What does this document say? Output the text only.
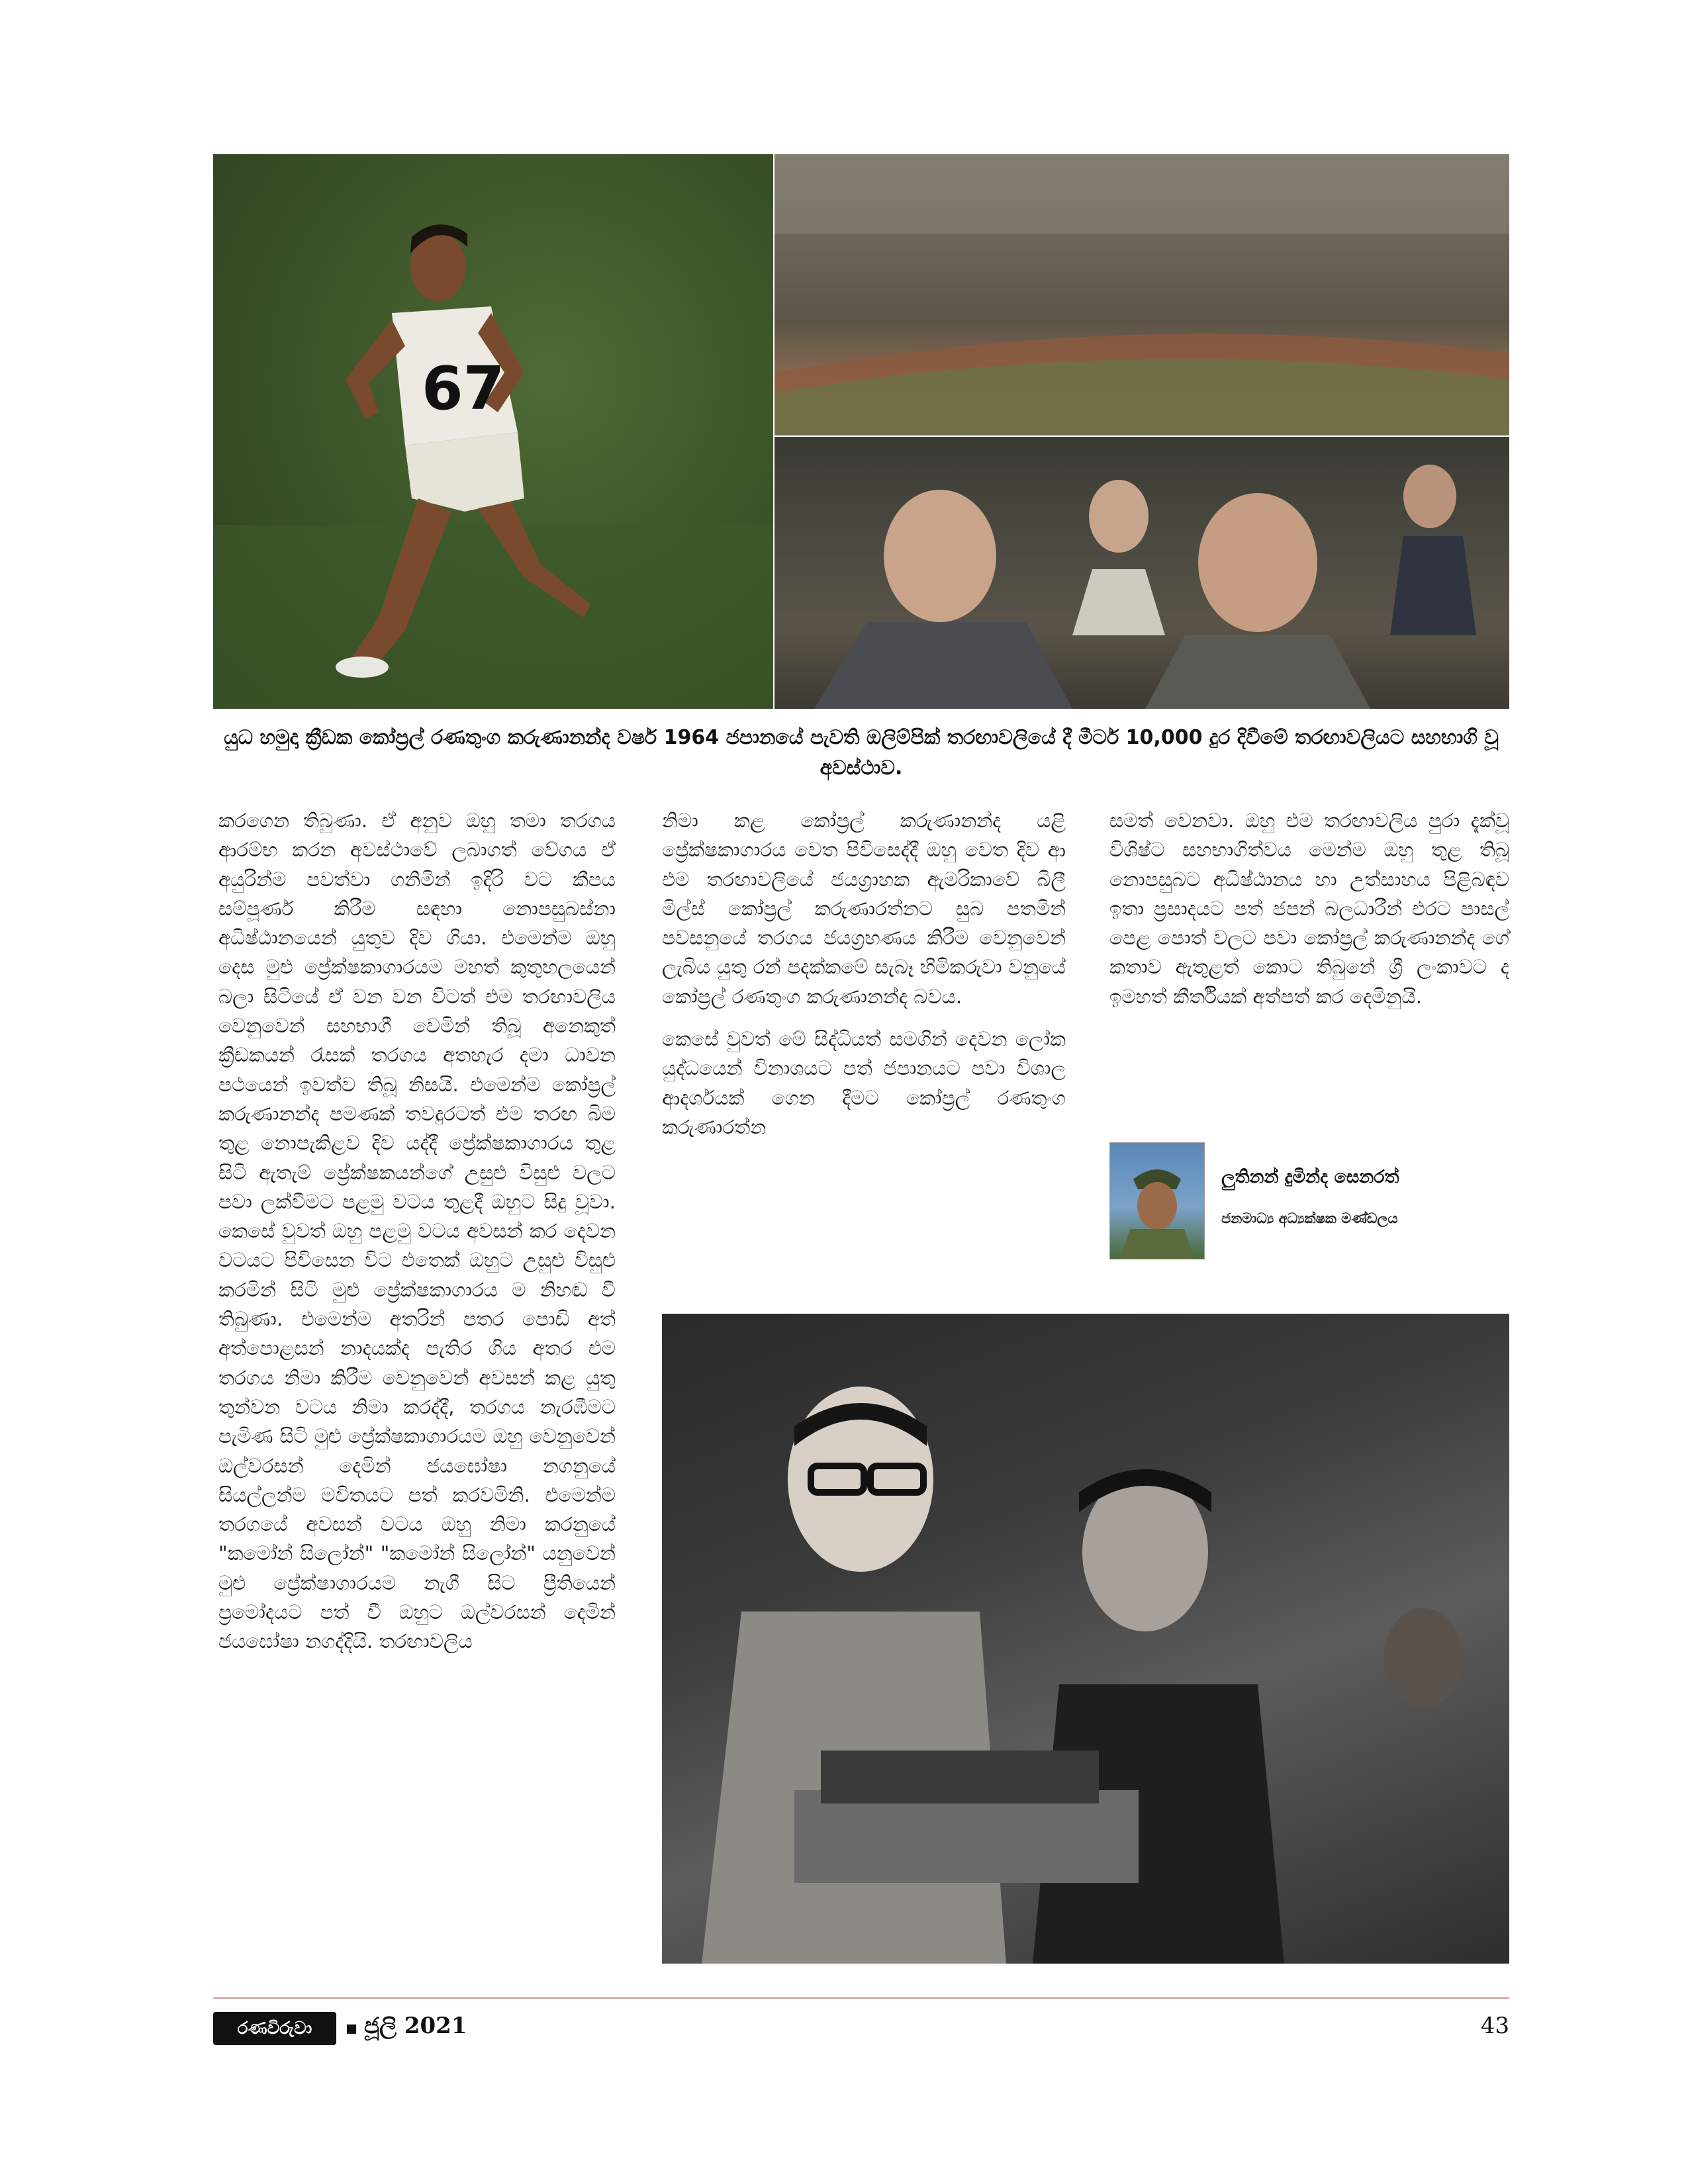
67
යුධ හමුදා ක්‍රීඩක කෝප්‍රල් රණතුංග කරුණානන්ද වර්ෂ 1964 ජපානයේ පැවති ඔලිම්පික් තරඟාවලියේ දී මීටර් 10,000 දුර දිවීමේ තරඟාවලියට සහභාගි වූ අවස්ථාව.

කරගෙන තිබුණා. ඒ අනුව ඔහු තමා තරගය ආරම්භ කරන අවස්ථාවේ ලබාගත් වේගය ඒ අයුරින්ම පවත්වා ගනිමින් ඉදිරි වට කීපය සම්පූර්ණ කිරීම සඳහා නොපසුබස්නා අධිෂ්ඨානයෙන් යුතුව දිව ගියා. එමෙන්ම ඔහු දෙස මුළු ප්‍රේක්ෂකාගාරයම මහත් කුතුහලයෙන් බලා සිටියේ ඒ වන වන විටත් එම තරඟාවලිය වෙනුවෙන් සහභාගී වෙමින් තිබූ අනෙකුත් ක්‍රීඩකයන් රැසක් තරගය අතහැර දමා ධාවන පථයෙන් ඉවත්ව තිබූ නිසයි. එමෙන්ම කෝප්‍රල් කරුණානන්ද පමණක් තවදුරටත් එම තරඟ බිම තුළ නොපැකිළව දිව යද්දී ප්‍රේක්ෂකාගාරය තුළ සිටි ඇතැම් ප්‍රේක්ෂකයන්ගේ උසුළු විසුළු වලට පවා ලක්වීමට පළමු වටය තුළදී ඔහුට සිදු වූවා. කෙසේ වුවත් ඔහු පළමු වටය අවසන් කර දෙවන වටයට පිවිසෙන විට එතෙක් ඔහුට උසුළු විසුළු කරමින් සිටි මුළු ප්‍රේක්ෂකාගාරය ම නිහඬ වී තිබුණා. එමෙන්ම අතරින් පතර පොඩි අත් අත්පොළසන් නාදයක්ද පැතිර ගිය අතර එම තරගය නිමා කිරීම වෙනුවෙන් අවසන් කළ යුතු තුන්වන වටය නිමා කරද්දී, තරගය නැරඹීමට පැමිණ සිටි මුළු ප්‍රේක්ෂකාගාරයම ඔහු වෙනුවෙන් ඔල්වරසන් දෙමින් ජයඝෝෂා නගනුයේ සියල්ලන්ම මවිතයට පත් කරවමිනි. එමෙන්ම තරගයේ අවසන් වටය ඔහු නිමා කරනුයේ "කමෝන් සිලෝන්" "කමෝන් සිලෝන්" යනුවෙන් මුළු ප්‍රේක්ෂාගාරයම නැගී සිට ප්‍රීතියෙන් ප්‍රමෝදයට පත් වී ඔහුට ඔල්වරසන් දෙමින් ජයඝෝෂා නගද්දියි. තරඟාවලිය

නිමා කළ කෝප්‍රල් කරුණානන්ද යළි ප්‍රේක්ෂකාගාරය වෙත පිවිසෙද්දී ඔහු වෙත දිව ආ එම තරඟාවලියේ ජයග්‍රාහක ඇමරිකාවේ බිලී මිල්ස් කෝප්‍රල් කරුණාරත්නට සුබ පතමින් පවසනුයේ තරගය ජයග්‍රහණය කිරීම වෙනුවෙන් ලැබිය යුතු රන් පදක්කමේ සැබෑ හිමිකරුවා වනුයේ කෝප්‍රල් රණතුංග කරුණානන්ද බවය.

කෙසේ වුවත් මේ සිද්ධියත් සමගින් දෙවන ලෝක යුද්ධයෙන් විනාශයට පත් ජපානයට පවා විශාල ආදර්ශයක් ගෙන දීමට කෝප්‍රල් රණතුංග කරුණාරත්න

සමත් වෙනවා. ඔහු එම තරඟාවලිය පුරා දැක්වූ විශිෂ්ට සහභාගිත්වය මෙන්ම ඔහු තුළ තිබූ නොපසුබට අධිෂ්ඨානය හා උත්සාහය පිළිබඳව ඉතා ප්‍රසාදයට පත් ජපන් බලධාරීන් එරට පාසල් පෙළ පොත් වලට පවා කෝප්‍රල් කරුණානන්ද ගේ කතාව ඇතුළත් කොට තිබුනේ ශ්‍රී ලංකාවට ද ඉමහත් කීර්තියක් අත්පත් කර දෙමිනුයි.

ලුතිනන් දුමින්ද සෙනරත්
ජනමාධ්‍ය අධ්‍යක්ෂක මණ්ඩලය
රණවිරුවා	ජූලි 2021	43
